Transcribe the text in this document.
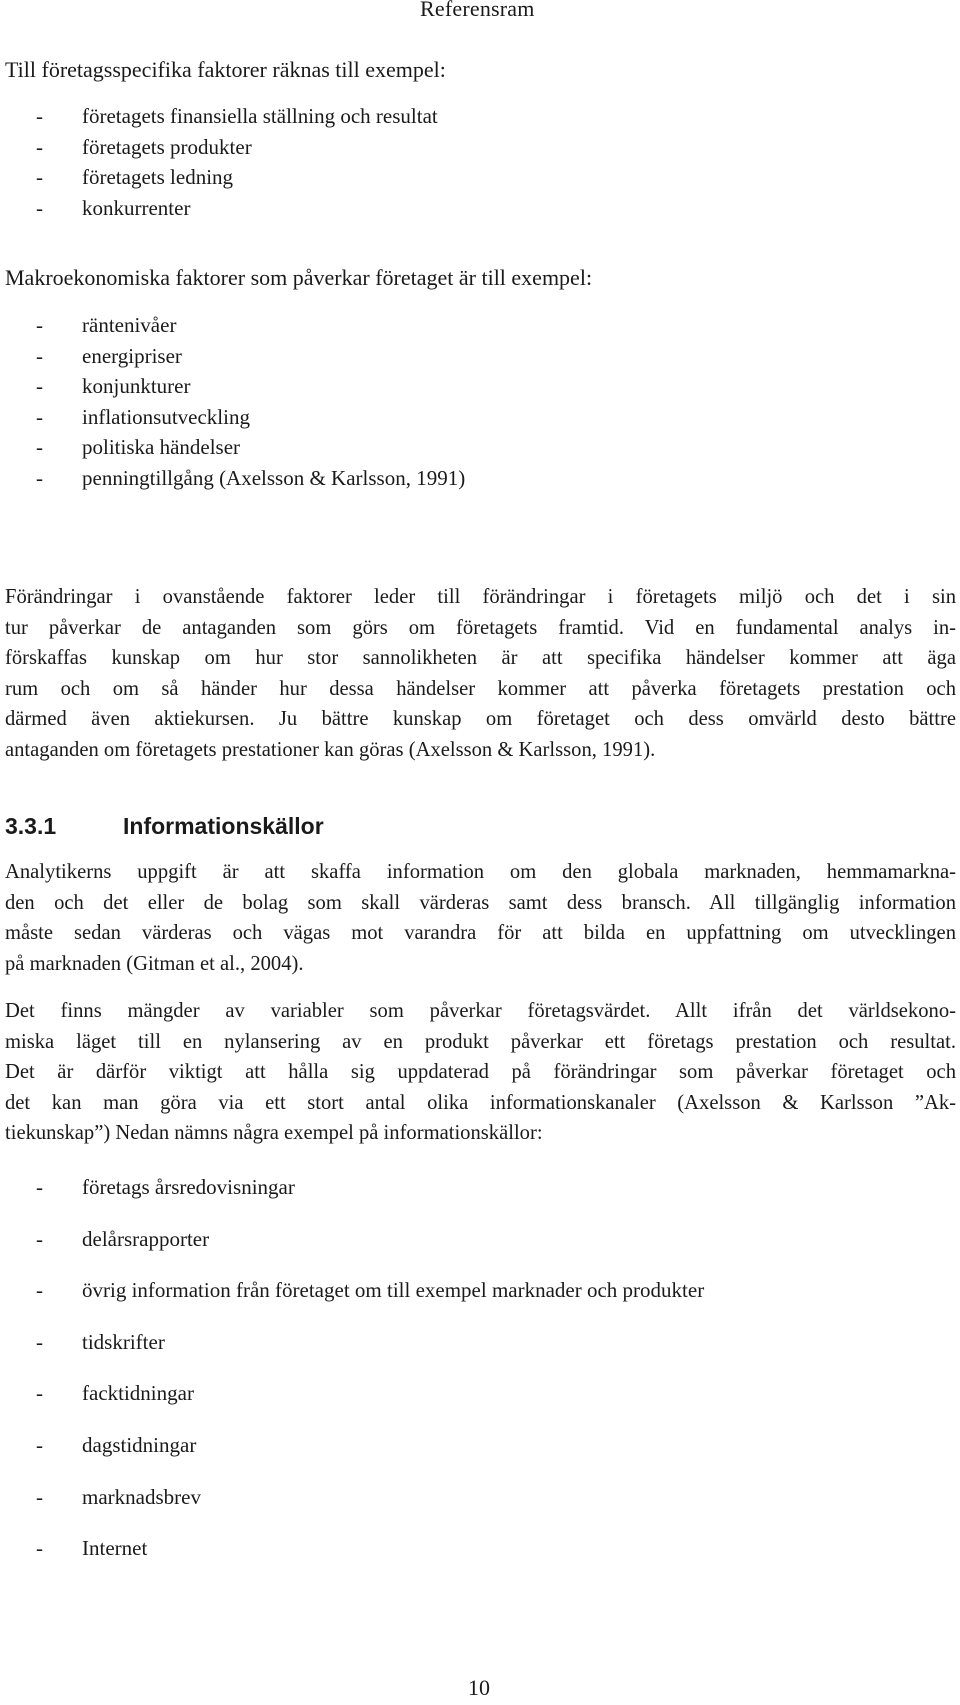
Referensram
Till företagsspecifika faktorer räknas till exempel:
-	företagets finansiella ställning och resultat
-	företagets produkter
-	företagets ledning
-	konkurrenter
Makroekonomiska faktorer som påverkar företaget är till exempel:
-	räntenivåer
-	energipriser
-	konjunkturer
-	inflationsutveckling
-	politiska händelser
-	penningtillgång (Axelsson & Karlsson, 1991)

Förändringar i ovanstående faktorer leder till förändringar i företagets miljö och det i sin
tur påverkar de antaganden som görs om företagets framtid. Vid en fundamental analys in-
förskaffas kunskap om hur stor sannolikheten är att specifika händelser kommer att äga
rum och om så händer hur dessa händelser kommer att påverka företagets prestation och
därmed även aktiekursen. Ju bättre kunskap om företaget och dess omvärld desto bättre
antaganden om företagets prestationer kan göras (Axelsson & Karlsson, 1991).

3.3.1	Informationskällor

Analytikerns uppgift är att skaffa information om den globala marknaden, hemmamarkna-
den och det eller de bolag som skall värderas samt dess bransch. All tillgänglig information
måste sedan värderas och vägas mot varandra för att bilda en uppfattning om utvecklingen
på marknaden (Gitman et al., 2004).

Det finns mängder av variabler som påverkar företagsvärdet. Allt ifrån det världsekono-
miska läget till en nylansering av en produkt påverkar ett företags prestation och resultat.
Det är därför viktigt att hålla sig uppdaterad på förändringar som påverkar företaget och
det kan man göra via ett stort antal olika informationskanaler (Axelsson & Karlsson ”Ak-
tiekunskap”) Nedan nämns några exempel på informationskällor:

-	företags årsredovisningar
-	delårsrapporter
-	övrig information från företaget om till exempel marknader och produkter
-	tidskrifter
-	facktidningar
-	dagstidningar
-	marknadsbrev
-	Internet
10
